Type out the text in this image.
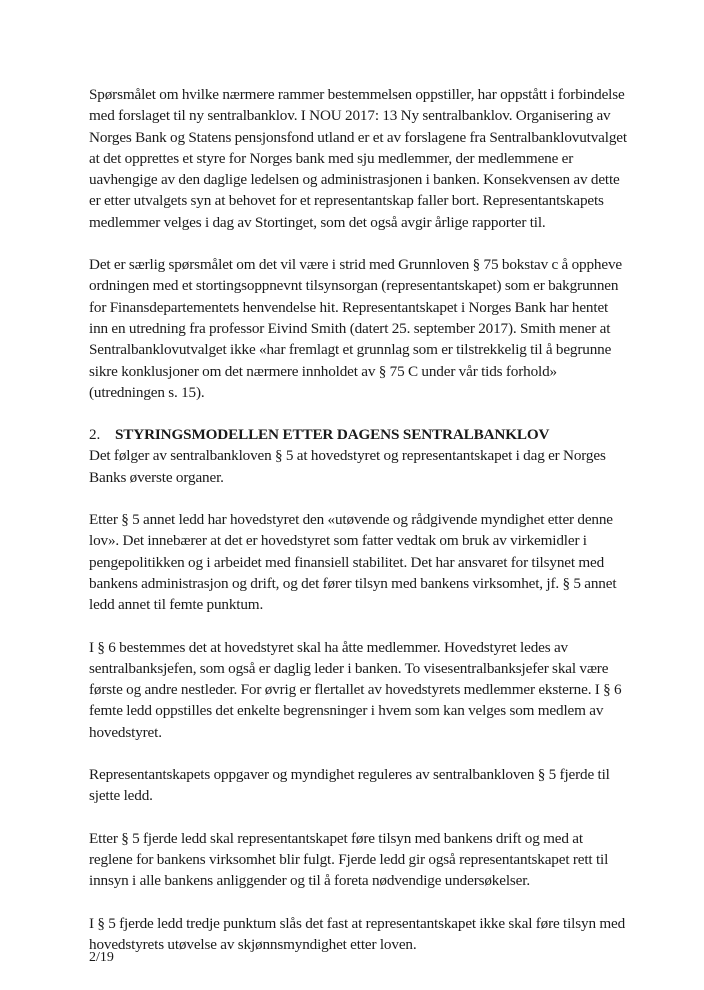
Spørsmålet om hvilke nærmere rammer bestemmelsen oppstiller, har oppstått i forbindelse med forslaget til ny sentralbanklov. I NOU 2017: 13 Ny sentralbanklov. Organisering av Norges Bank og Statens pensjonsfond utland er et av forslagene fra Sentralbanklovutvalget at det opprettes et styre for Norges bank med sju medlemmer, der medlemmene er uavhengige av den daglige ledelsen og administrasjonen i banken. Konsekvensen av dette er etter utvalgets syn at behovet for et representantskap faller bort. Representantskapets medlemmer velges i dag av Stortinget, som det også avgir årlige rapporter til.

Det er særlig spørsmålet om det vil være i strid med Grunnloven § 75 bokstav c å oppheve ordningen med et stortingsoppnevnt tilsynsorgan (representantskapet) som er bakgrunnen for Finansdepartementets henvendelse hit. Representantskapet i Norges Bank har hentet inn en utredning fra professor Eivind Smith (datert 25. september 2017). Smith mener at Sentralbanklovutvalget ikke «har fremlagt et grunnlag som er tilstrekkelig til å begrunne sikre konklusjoner om det nærmere innholdet av § 75 C under vår tids forhold» (utredningen s. 15).

2. STYRINGSMODELLEN ETTER DAGENS SENTRALBANKLOV

Det følger av sentralbankloven § 5 at hovedstyret og representantskapet i dag er Norges Banks øverste organer.

Etter § 5 annet ledd har hovedstyret den «utøvende og rådgivende myndighet etter denne lov». Det innebærer at det er hovedstyret som fatter vedtak om bruk av virkemidler i pengepolitikken og i arbeidet med finansiell stabilitet. Det har ansvaret for tilsynet med bankens administrasjon og drift, og det fører tilsyn med bankens virksomhet, jf. § 5 annet ledd annet til femte punktum.

I § 6 bestemmes det at hovedstyret skal ha åtte medlemmer. Hovedstyret ledes av sentralbanksjefen, som også er daglig leder i banken. To visesentralbanksjefer skal være første og andre nestleder. For øvrig er flertallet av hovedstyrets medlemmer eksterne. I § 6 femte ledd oppstilles det enkelte begrensninger i hvem som kan velges som medlem av hovedstyret.

Representantskapets oppgaver og myndighet reguleres av sentralbankloven § 5 fjerde til sjette ledd.

Etter § 5 fjerde ledd skal representantskapet føre tilsyn med bankens drift og med at reglene for bankens virksomhet blir fulgt. Fjerde ledd gir også representantskapet rett til innsyn i alle bankens anliggender og til å foreta nødvendige undersøkelser.

I § 5 fjerde ledd tredje punktum slås det fast at representantskapet ikke skal føre tilsyn med hovedstyrets utøvelse av skjønnsmyndighet etter loven.

2/19
